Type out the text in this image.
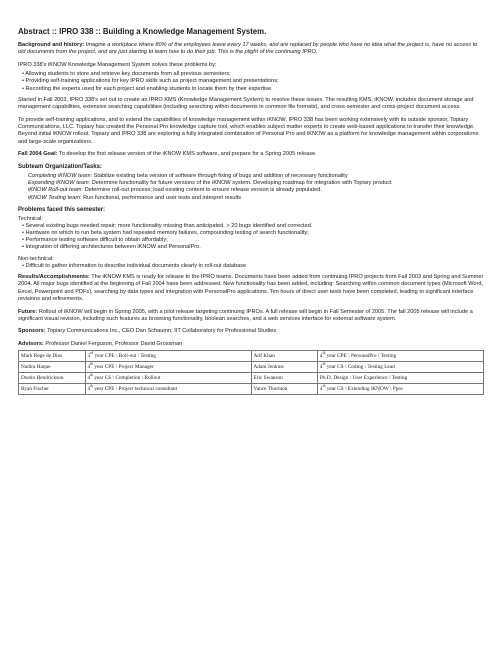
Abstract :: IPRO 338 :: Building a Knowledge Management System.
Background and history: Imagine a workplace where 80% of the employees leave every 17 weeks, and are replaced by people who have no idea what the project is, have no access to old documents from the project, and are just starting to learn how to do their job. This is the plight of the continuing IPRO.
IPRO 338's iKNOW Knowledge Management System solves these problems by:
• Allowing students to store and retrieve key documents from all previous semesters;
• Providing self-training applications for key IPRO skills such as project management and presentations;
• Recording the experts used for each project and enabling students to locate them by their expertise.
Started in Fall 2003, IPRO 338's set out to create an IPRO KMS (Knowledge Management System) to resolve these issues. The resulting KMS, iKNOW, includes document storage and management capabilities, extensive searching capabilities (including searching within documents in common file formats), and cross-semester and cross-project document access.
To provide self-training applications, and to extend the capabilities of knowledge management within iKNOW, IPRO 338 has been working extensively with its outside sponsor, Topiary Communications, LLC. Topiary has created the Personal Pro knowledge capture tool, which enables subject matter experts to create web-based applications to transfer their knowledge. Beyond initial iKNOW rollout, Topiary and IPRO 338 are exploring a fully integrated combination of Personal Pro and iKNOW as a platform for knowledge management within corporations and large-scale organizations.
Fall 2004 Goal: To develop the first release version of the iKNOW KMS software, and prepare for a Spring 2005 release.
Subteam Organization/Tasks:
Completing iKNOW team: Stabilize existing beta version of software through fixing of bugs and addition of necessary functionality
Expanding iKNOW team: Determine functionality for future versions of the iKNOW system. Developing roadmap for integration with Topiary product
iKNOW Roll-out team: Determine roll-out process; load existing content to ensure release version is already populated.
iKNOW Testing team: Run functional, performance and user tests and interpret results
Problems faced this semester:
Technical:
• Several existing bugs needed repair; more functionality missing than anticipated. > 20 bugs identified and corrected.
• Hardware on which to run beta system had repeated memory failures, compounding testing of search functionality;
• Performance testing software difficult to obtain affordably;
• Integration of differing architectures between iKNOW and PersonalPro.
Non-technical:
• Difficult to gather information to describe individual documents clearly in roll-out database
Results/Accomplishments: The iKNOW KMS is ready for release to the IPRO teams. Documents have been added from continuing IPRO projects from Fall 2003 and Spring and Summer 2004. All major bugs identified at the beginning of Fall 2004 have been addressed. New functionality has been added, including: Searching within common document types (Microsoft Word, Excel, Powerpoint and PDFs), searching by data types and integration with PersonalPro applications. Ten hours of direct user tests have been completed, leading to significant interface revisions and refinements.
Future: Rollout of iKNOW will begin in Spring 2005, with a pilot release targeting continuing IPROs. A full release will begin in Fall Semester of 2005. The fall 2005 release will include a significant visual revision, including such features as browsing functionality, boolean searches, and a web services interface for external software system.
Sponsors: Topiary Communications Inc., CEO Dan Schaumn; IIT Collaboratory for Professional Studies
Advisors: Professor Daniel Ferguson, Professor David Grossman
Mark Rege de Dios	3rd year CPE \ Roll-out \ Testing	Atif Khan	4th year CPE \ PersonalPro \ Testing
Nadira Haque	4th year CPE \ Project Manager	Adam Jenkins	4th year CS \ Coding \ Testing Lead
Dustin Hendrickson	4th year CS \ Completion \ Rollout	Eric Swanson	Ph.D. Design \ User Experience \ Testing
Ryan Fischer	4th year CPE \ Project technical consultant	Vance Thornton	4th year CS \ Extending iKNOW \ Ppro
